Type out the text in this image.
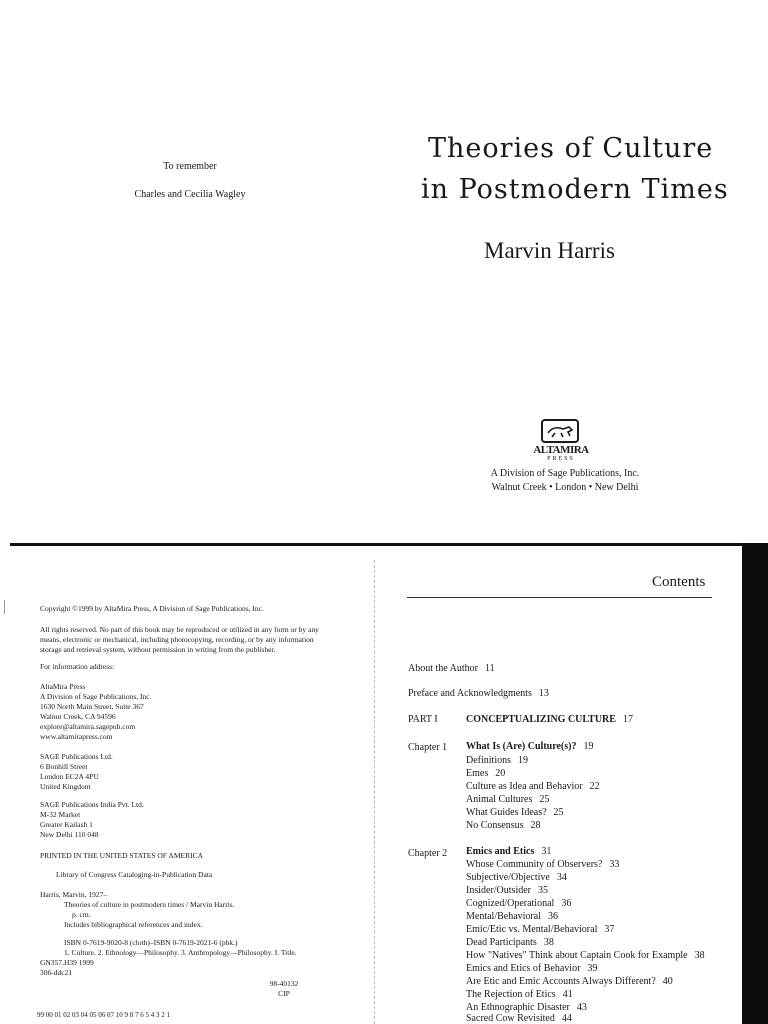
To remember
Charles and Cecilia Wagley
Theories of Culture
in Postmodern Times
Marvin Harris
ALTAMIRA
PRESS
A Division of Sage Publications, Inc.
Walnut Creek • London • New Delhi
Copyright ©1999 by AltaMira Press, A Division of Sage Publications, Inc.
All rights reserved. No part of this book may be reproduced or utilized in any form or by any
means, electronic or mechanical, including photocopying, recording, or by any information
storage and retrieval system, without permission in writing from the publisher.
For information address:
AltaMira Press
A Division of Sage Publications, Inc.
1630 North Main Street, Suite 367
Walnut Creek, CA 94596
explore@altamira.sagepub.com
www.altamirapress.com
SAGE Publications Ltd.
6 Bonhill Street
London EC2A 4PU
United Kingdom
SAGE Publications India Pvt. Ltd.
M-32 Market
Greater Kailash 1
New Delhi 110 048
PRINTED IN THE UNITED STATES OF AMERICA
Library of Congress Cataloging-in-Publication Data
Harris, Marvin, 1927–
Theories of culture in postmodern times / Marvin Harris.
p. cm.
Includes bibliographical references and index.
ISBN 0-7619-9020-8 (cloth)–ISBN 0-7619-2021-6 (pbk.)
1. Culture. 2. Ethnology—Philosophy. 3. Anthropology—Philosophy. I. Title.
GN357.H39 1999
306-ddc21
98-40132
CIP
99 00 01 02 03 04 05 06 07 10 9 8 7 6 5 4 3 2 1
Contents
About the Author 11
Preface and Acknowledgments 13
PART I	CONCEPTUALIZING CULTURE 17
Chapter 1 What Is (Are) Culture(s)? 19
Definitions 19
Emes 20
Culture as Idea and Behavior 22
Animal Cultures 25
What Guides Ideas? 25
No Consensus 28
Chapter 2 Emics and Etics 31
Whose Community of Observers? 33
Subjective/Objective 34
Insider/Outsider 35
Cognized/Operational 36
Mental/Behavioral 36
Emic/Etic vs. Mental/Behavioral 37
Dead Participants 38
How "Natives" Think about Captain Cook for Example 38
Emics and Etics of Behavior 39
Are Etic and Emic Accounts Always Different? 40
The Rejection of Etics 41
An Ethnographic Disaster 43
Sacred Cow Revisited 44
